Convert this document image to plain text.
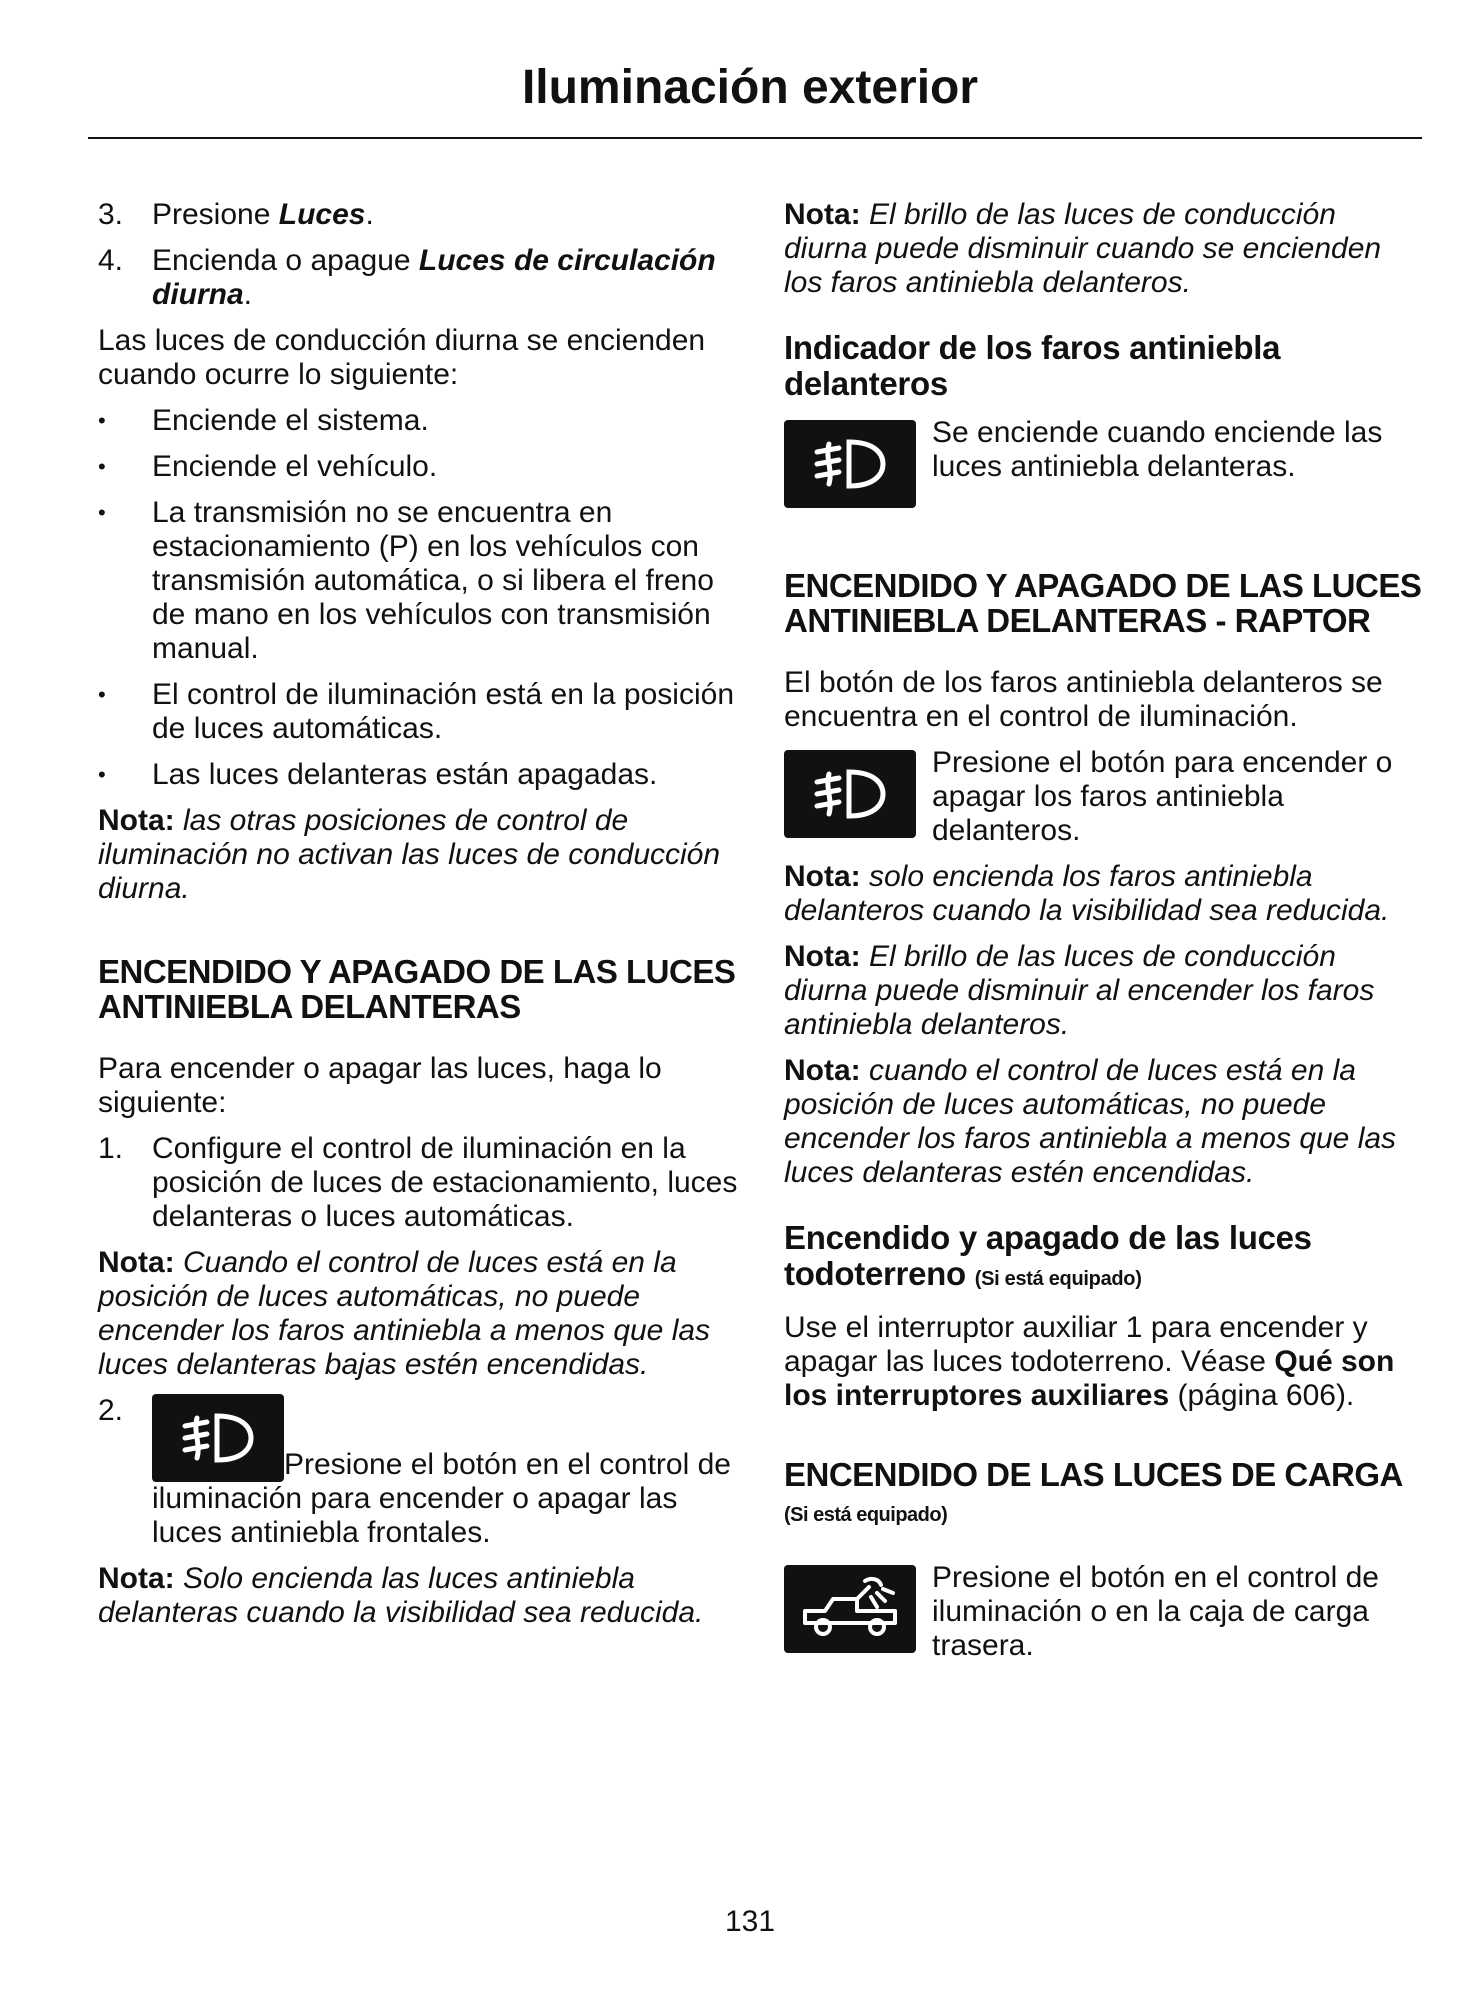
Iluminación exterior
3. Presione Luces.
4. Encienda o apague Luces de circulación diurna.

Las luces de conducción diurna se encienden cuando ocurre lo siguiente:

•	Enciende el sistema.
•	Enciende el vehículo.
•	La transmisión no se encuentra en estacionamiento (P) en los vehículos con transmisión automática, o si libera el freno de mano en los vehículos con transmisión manual.
•	El control de iluminación está en la posición de luces automáticas.
•	Las luces delanteras están apagadas.

Nota: las otras posiciones de control de iluminación no activan las luces de conducción diurna.

ENCENDIDO Y APAGADO DE LAS LUCES ANTINIEBLA DELANTERAS

Para encender o apagar las luces, haga lo siguiente:

1. Configure el control de iluminación en la posición de luces de estacionamiento, luces delanteras o luces automáticas.

Nota: Cuando el control de luces está en la posición de luces automáticas, no puede encender los faros antiniebla a menos que las luces delanteras bajas estén encendidas.

2.
Presione el botón en el control de iluminación para encender o apagar las luces antiniebla frontales.

Nota: Solo encienda las luces antiniebla delanteras cuando la visibilidad sea reducida.

Nota: El brillo de las luces de conducción diurna puede disminuir cuando se encienden los faros antiniebla delanteros.

Indicador de los faros antiniebla delanteros
Se enciende cuando enciende las luces antiniebla delanteras.
ENCENDIDO Y APAGADO DE LAS LUCES ANTINIEBLA DELANTERAS - RAPTOR

El botón de los faros antiniebla delanteros se encuentra en el control de iluminación.

Presione el botón para encender o apagar los faros antiniebla delanteros.

Nota: solo encienda los faros antiniebla delanteros cuando la visibilidad sea reducida.

Nota: El brillo de las luces de conducción diurna puede disminuir al encender los faros antiniebla delanteros.

Nota: cuando el control de luces está en la posición de luces automáticas, no puede encender los faros antiniebla a menos que las luces delanteras estén encendidas.

Encendido y apagado de las luces todoterreno (Si está equipado)

Use el interruptor auxiliar 1 para encender y apagar las luces todoterreno. Véase Qué son los interruptores auxiliares (página 606).

ENCENDIDO DE LAS LUCES DE CARGA (Si está equipado)
Presione el botón en el control de iluminación o en la caja de carga trasera.
131
